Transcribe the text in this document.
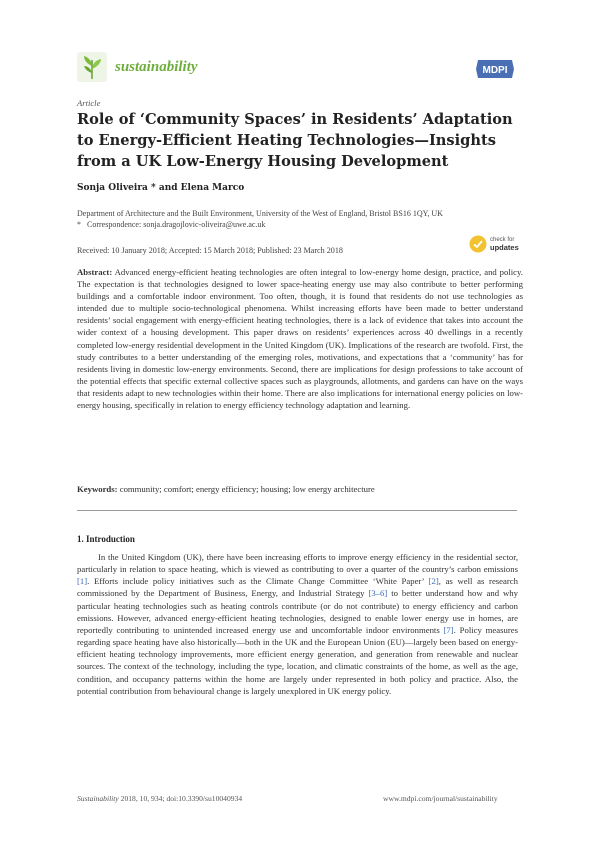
sustainability	MDPI
Article
Role of ‘Community Spaces’ in Residents’ Adaptation to Energy-Efficient Heating Technologies—Insights from a UK Low-Energy Housing Development
Sonja Oliveira * and Elena Marco
Department of Architecture and the Built Environment, University of the West of England, Bristol BS16 1QY, UK
* Correspondence: sonja.dragojlovic-oliveira@uwe.ac.uk
Received: 10 January 2018; Accepted: 15 March 2018; Published: 23 March 2018
check for
updates
Abstract: Advanced energy-efficient heating technologies are often integral to low-energy home design, practice, and policy. The expectation is that technologies designed to lower space-heating energy use may also contribute to better performing buildings and a comfortable indoor environment. Too often, though, it is found that residents do not use technologies as intended due to multiple socio-technological phenomena. Whilst increasing efforts have been made to better understand residents’ social engagement with energy-efficient heating technologies, there is a lack of evidence that takes into account the wider context of a housing development. This paper draws on residents’ experiences across 40 dwellings in a recently completed low-energy residential development in the United Kingdom (UK). Implications of the research are twofold. First, the study contributes to a better understanding of the emerging roles, motivations, and expectations that a ‘community’ has for residents living in domestic low-energy environments. Second, there are implications for design professions to take account of the potential effects that specific external collective spaces such as playgrounds, allotments, and gardens can have on the ways that residents adapt to new technologies within their home. There are also implications for international energy policies on low-energy housing, specifically in relation to energy efficiency technology adaptation and learning.
Keywords: community; comfort; energy efficiency; housing; low energy architecture
1. Introduction
In the United Kingdom (UK), there have been increasing efforts to improve energy efficiency in the residential sector, particularly in relation to space heating, which is viewed as contributing to over a quarter of the country’s carbon emissions [1]. Efforts include policy initiatives such as the Climate Change Committee ‘White Paper’ [2], as well as research commissioned by the Department of Business, Energy, and Industrial Strategy [3–6] to better understand how and why particular heating technologies such as heating controls contribute (or do not contribute) to energy efficiency and carbon emissions. However, advanced energy-efficient heating technologies, designed to enable lower energy use in homes, are reportedly contributing to unintended increased energy use and uncomfortable indoor environments [7]. Policy measures regarding space heating have also historically—both in the UK and the European Union (EU)—largely been based on energy-efficient heating technology improvements, more efficient energy generation, and generation from renewable and nuclear sources. The context of the technology, including the type, location, and climatic constraints of the home, as well as the age, condition, and occupancy patterns within the home are largely under represented in both policy and practice. Also, the potential contribution from behavioural change is largely unexplored in UK energy policy.
Sustainability 2018, 10, 934; doi:10.3390/su10040934	www.mdpi.com/journal/sustainability
